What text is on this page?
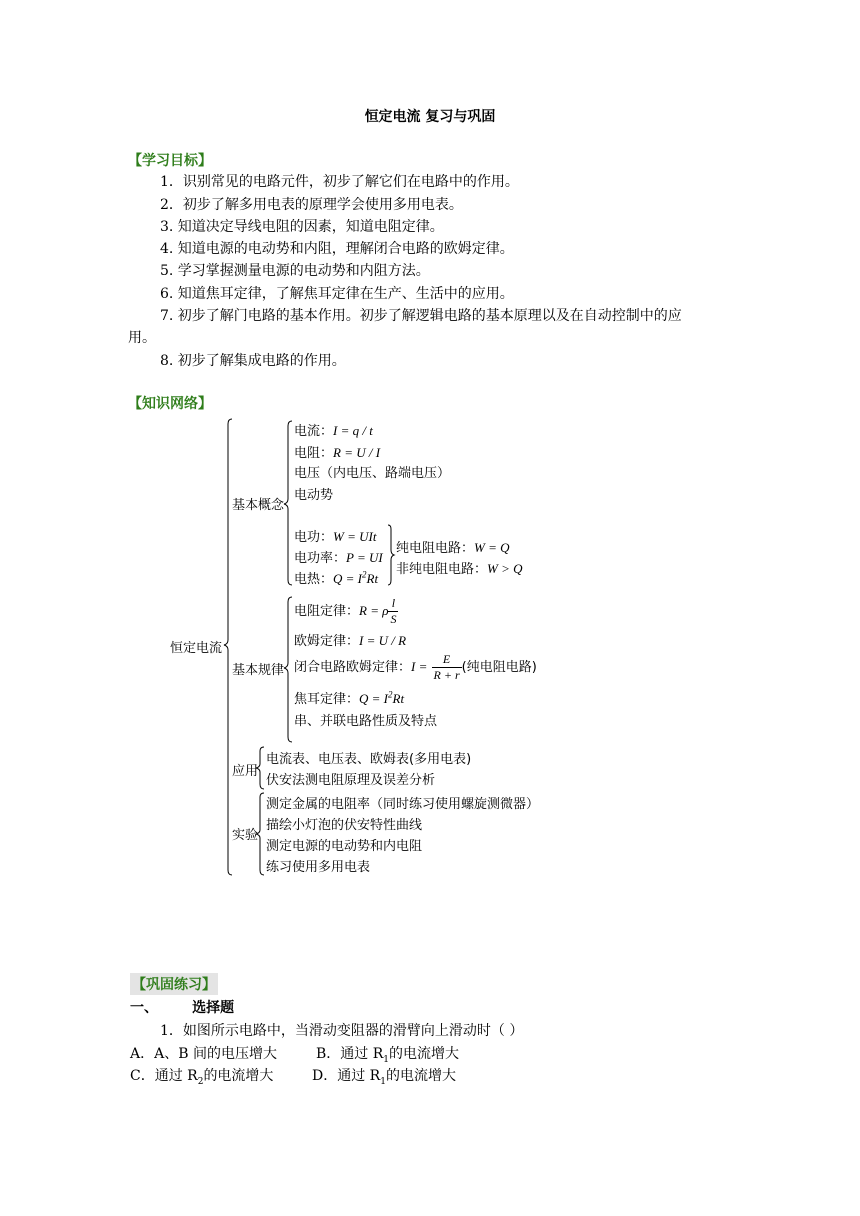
恒定电流 复习与巩固
【学习目标】
1．识别常见的电路元件，初步了解它们在电路中的作用。
2．初步了解多用电表的原理学会使用多用电表。
3. 知道决定导线电阻的因素，知道电阻定律。
4. 知道电源的电动势和内阻，理解闭合电路的欧姆定律。
5. 学习掌握测量电源的电动势和内阻方法。
6. 知道焦耳定律，了解焦耳定律在生产、生活中的应用。
7. 初步了解门电路的基本作用。初步了解逻辑电路的基本原理以及在自动控制中的应
用。
8. 初步了解集成电路的作用。
【知识网络】
恒定电流
基本概念
电流：I = q / t
电阻：R = U / I
电压（内电压、路端电压）
电动势
电功：W = UIt
电功率：P = UI
电热：$Q = I^2Rt$
纯电阻电路：W = Q
非纯电阻电路：W > Q
基本规律
电阻定律：R = ρ $\frac{l}{S}$
欧姆定律：I = U / R
闭合电路欧姆定律：$I = \frac{E}{R + r}$ (纯电阻电路)
焦耳定律：$Q = I^2Rt$
串、并联电路性质及特点
应用
电流表、电压表、欧姆表(多用电表)
伏安法测电阻原理及误差分析
实验
测定金属的电阻率（同时练习使用螺旋测微器）
描绘小灯泡的伏安特性曲线
测定电源的电动势和内电阻
练习使用多用电表
【巩固练习】
一、       选择题
1．如图所示电路中，当滑动变阻器的滑臂向上滑动时（ ）
A．A、B 间的电压增大	B．通过 $R_1$的电流增大
C．通过 $R_2$的电流增大	D．通过 $R_1$的电流增大
